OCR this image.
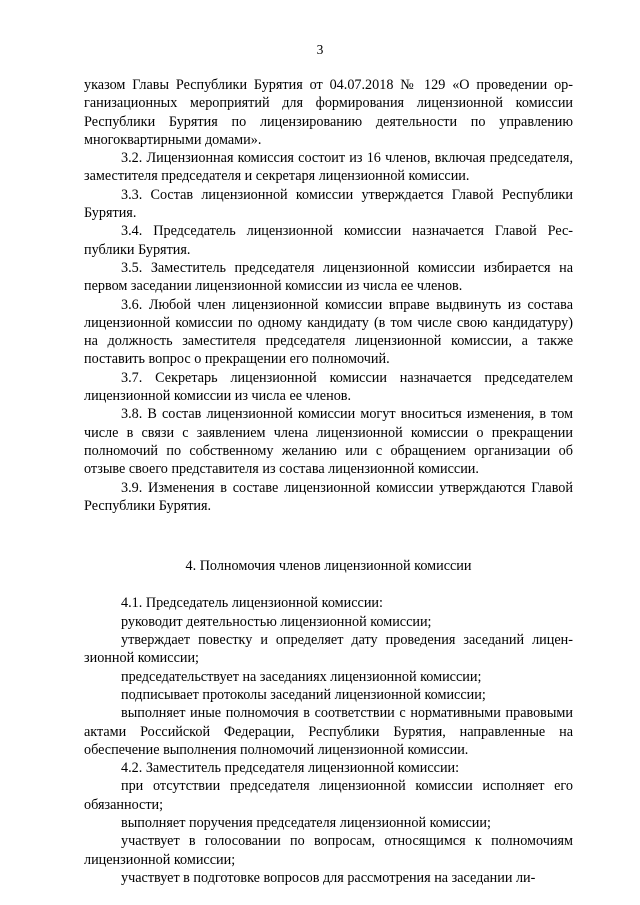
3

указом Главы Республики Бурятия от 04.07.2018 № 129 «О проведении организационных мероприятий для формирования лицензионной комиссии Республики Бурятия по лицензированию деятельности по управлению многоквартирными домами».

3.2. Лицензионная комиссия состоит из 16 членов, включая председателя, заместителя председателя и секретаря лицензионной комиссии.

3.3. Состав лицензионной комиссии утверждается Главой Республики Бурятия.

3.4. Председатель лицензионной комиссии назначается Главой Республики Бурятия.

3.5. Заместитель председателя лицензионной комиссии избирается на первом заседании лицензионной комиссии из числа ее членов.

3.6. Любой член лицензионной комиссии вправе выдвинуть из состава лицензионной комиссии по одному кандидату (в том числе свою кандидатуру) на должность заместителя председателя лицензионной комиссии, а также поставить вопрос о прекращении его полномочий.

3.7. Секретарь лицензионной комиссии назначается председателем лицензионной комиссии из числа ее членов.

3.8. В состав лицензионной комиссии могут вноситься изменения, в том числе в связи с заявлением члена лицензионной комиссии о прекращении полномочий по собственному желанию или с обращением организации об отзыве своего представителя из состава лицензионной комиссии.

3.9. Изменения в составе лицензионной комиссии утверждаются Главой Республики Бурятия.

4. Полномочия членов лицензионной комиссии

4.1. Председатель лицензионной комиссии:

руководит деятельностью лицензионной комиссии;

утверждает повестку и определяет дату проведения заседаний лицензионной комиссии;

председательствует на заседаниях лицензионной комиссии;

подписывает протоколы заседаний лицензионной комиссии;

выполняет иные полномочия в соответствии с нормативными правовыми актами Российской Федерации, Республики Бурятия, направленные на обеспечение выполнения полномочий лицензионной комиссии.

4.2. Заместитель председателя лицензионной комиссии:

при отсутствии председателя лицензионной комиссии исполняет его обязанности;

выполняет поручения председателя лицензионной комиссии;

участвует в голосовании по вопросам, относящимся к полномочиям лицензионной комиссии;

участвует в подготовке вопросов для рассмотрения на заседании ли-
